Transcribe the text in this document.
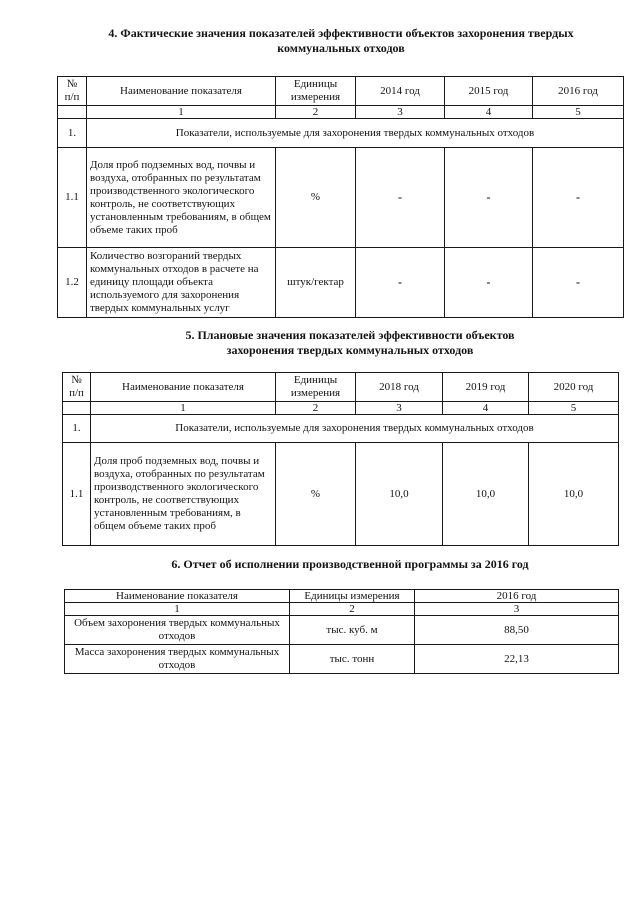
4. Фактические значения показателей эффективности объектов захоронения твердых
коммунальных отходов
№ п/п	Наименование показателя	Единицы измерения	2014 год	2015 год	2016 год
	1	2	3	4	5
1.	Показатели, используемые для захоронения твердых коммунальных отходов				
1.1	Доля проб подземных вод, почвы и воздуха, отобранных по результатам производственного экологического контроль, не соответствующих установленным требованиям, в общем объеме таких проб	%	-	-	-
1.2	Количество возгораний твердых коммунальных отходов в расчете на единицу площади объекта используемого для захоронения твердых коммунальных услуг	штук/гектар	-	-	-
5. Плановые значения показателей эффективности объектов
захоронения твердых коммунальных отходов
№ п/п	Наименование показателя	Единицы измерения	2018 год	2019 год	2020 год
	1	2	3	4	5
1.	Показатели, используемые для захоронения твердых коммунальных отходов				
1.1	Доля проб подземных вод, почвы и воздуха, отобранных по результатам производственного экологического контроль, не соответствующих установленным требованиям, в общем объеме таких проб	%	10,0	10,0	10,0
6. Отчет об исполнении производственной программы за 2016 год
Наименование показателя	Единицы измерения	2016 год
1	2	3
Объем захоронения твердых коммунальных отходов	тыс. куб. м	88,50
Масса захоронения твердых коммунальных отходов	тыс. тонн	22,13
